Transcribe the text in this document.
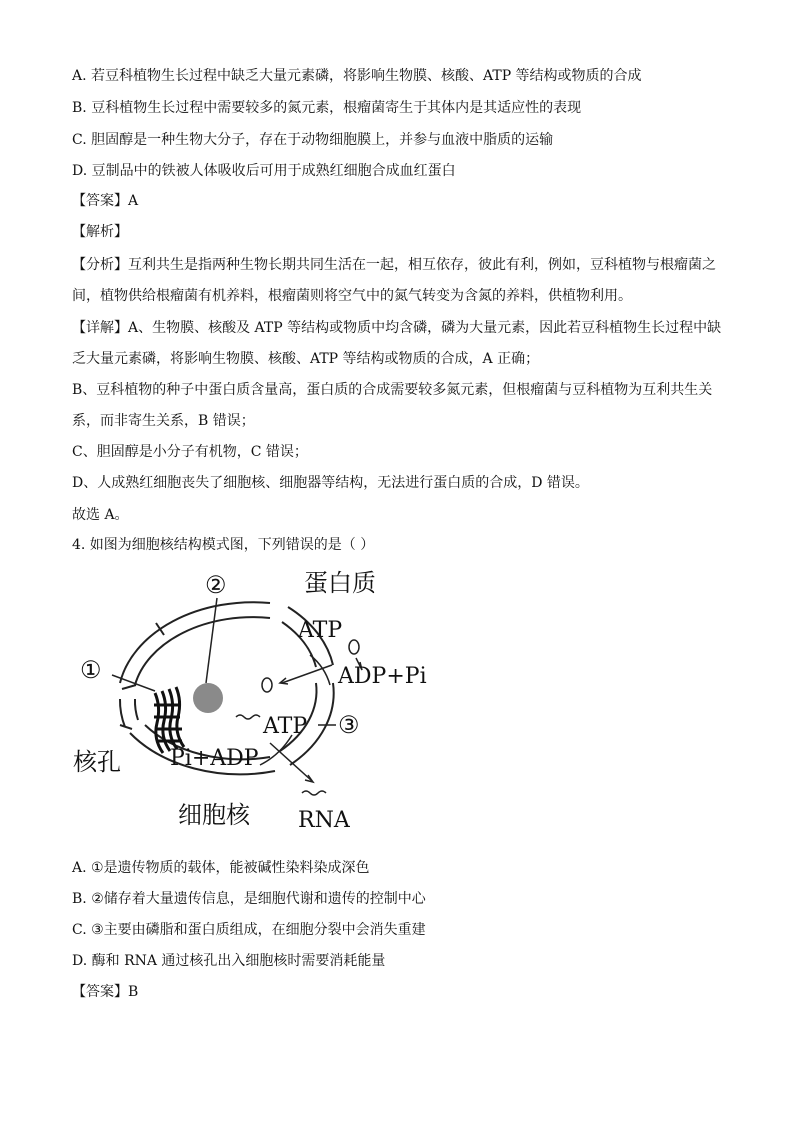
A. 若豆科植物生长过程中缺乏大量元素磷，将影响生物膜、核酸、ATP 等结构或物质的合成
B. 豆科植物生长过程中需要较多的氮元素，根瘤菌寄生于其体内是其适应性的表现
C. 胆固醇是一种生物大分子，存在于动物细胞膜上，并参与血液中脂质的运输
D. 豆制品中的铁被人体吸收后可用于成熟红细胞合成血红蛋白
【答案】A
【解析】
【分析】互利共生是指两种生物长期共同生活在一起，相互依存，彼此有利，例如，豆科植物与根瘤菌之
间，植物供给根瘤菌有机养料，根瘤菌则将空气中的氮气转变为含氮的养料，供植物利用。
【详解】A、生物膜、核酸及 ATP 等结构或物质中均含磷，磷为大量元素，因此若豆科植物生长过程中缺
乏大量元素磷，将影响生物膜、核酸、ATP 等结构或物质的合成，A 正确；
B、豆科植物的种子中蛋白质含量高，蛋白质的合成需要较多氮元素，但根瘤菌与豆科植物为互利共生关
系，而非寄生关系，B 错误；
C、胆固醇是小分子有机物，C 错误；
D、人成熟红细胞丧失了细胞核、细胞器等结构，无法进行蛋白质的合成，D 错误。
故选 A。
4. 如图为细胞核结构模式图，下列错误的是（ ）
①
②
③
蛋白质
ATP
ADP+Pi
ATP
Pi+ADP
核孔
细胞核 RNA
A. ①是遗传物质的载体，能被碱性染料染成深色
B. ②储存着大量遗传信息，是细胞代谢和遗传的控制中心
C. ③主要由磷脂和蛋白质组成，在细胞分裂中会消失重建
D. 酶和 RNA 通过核孔出入细胞核时需要消耗能量
【答案】B
